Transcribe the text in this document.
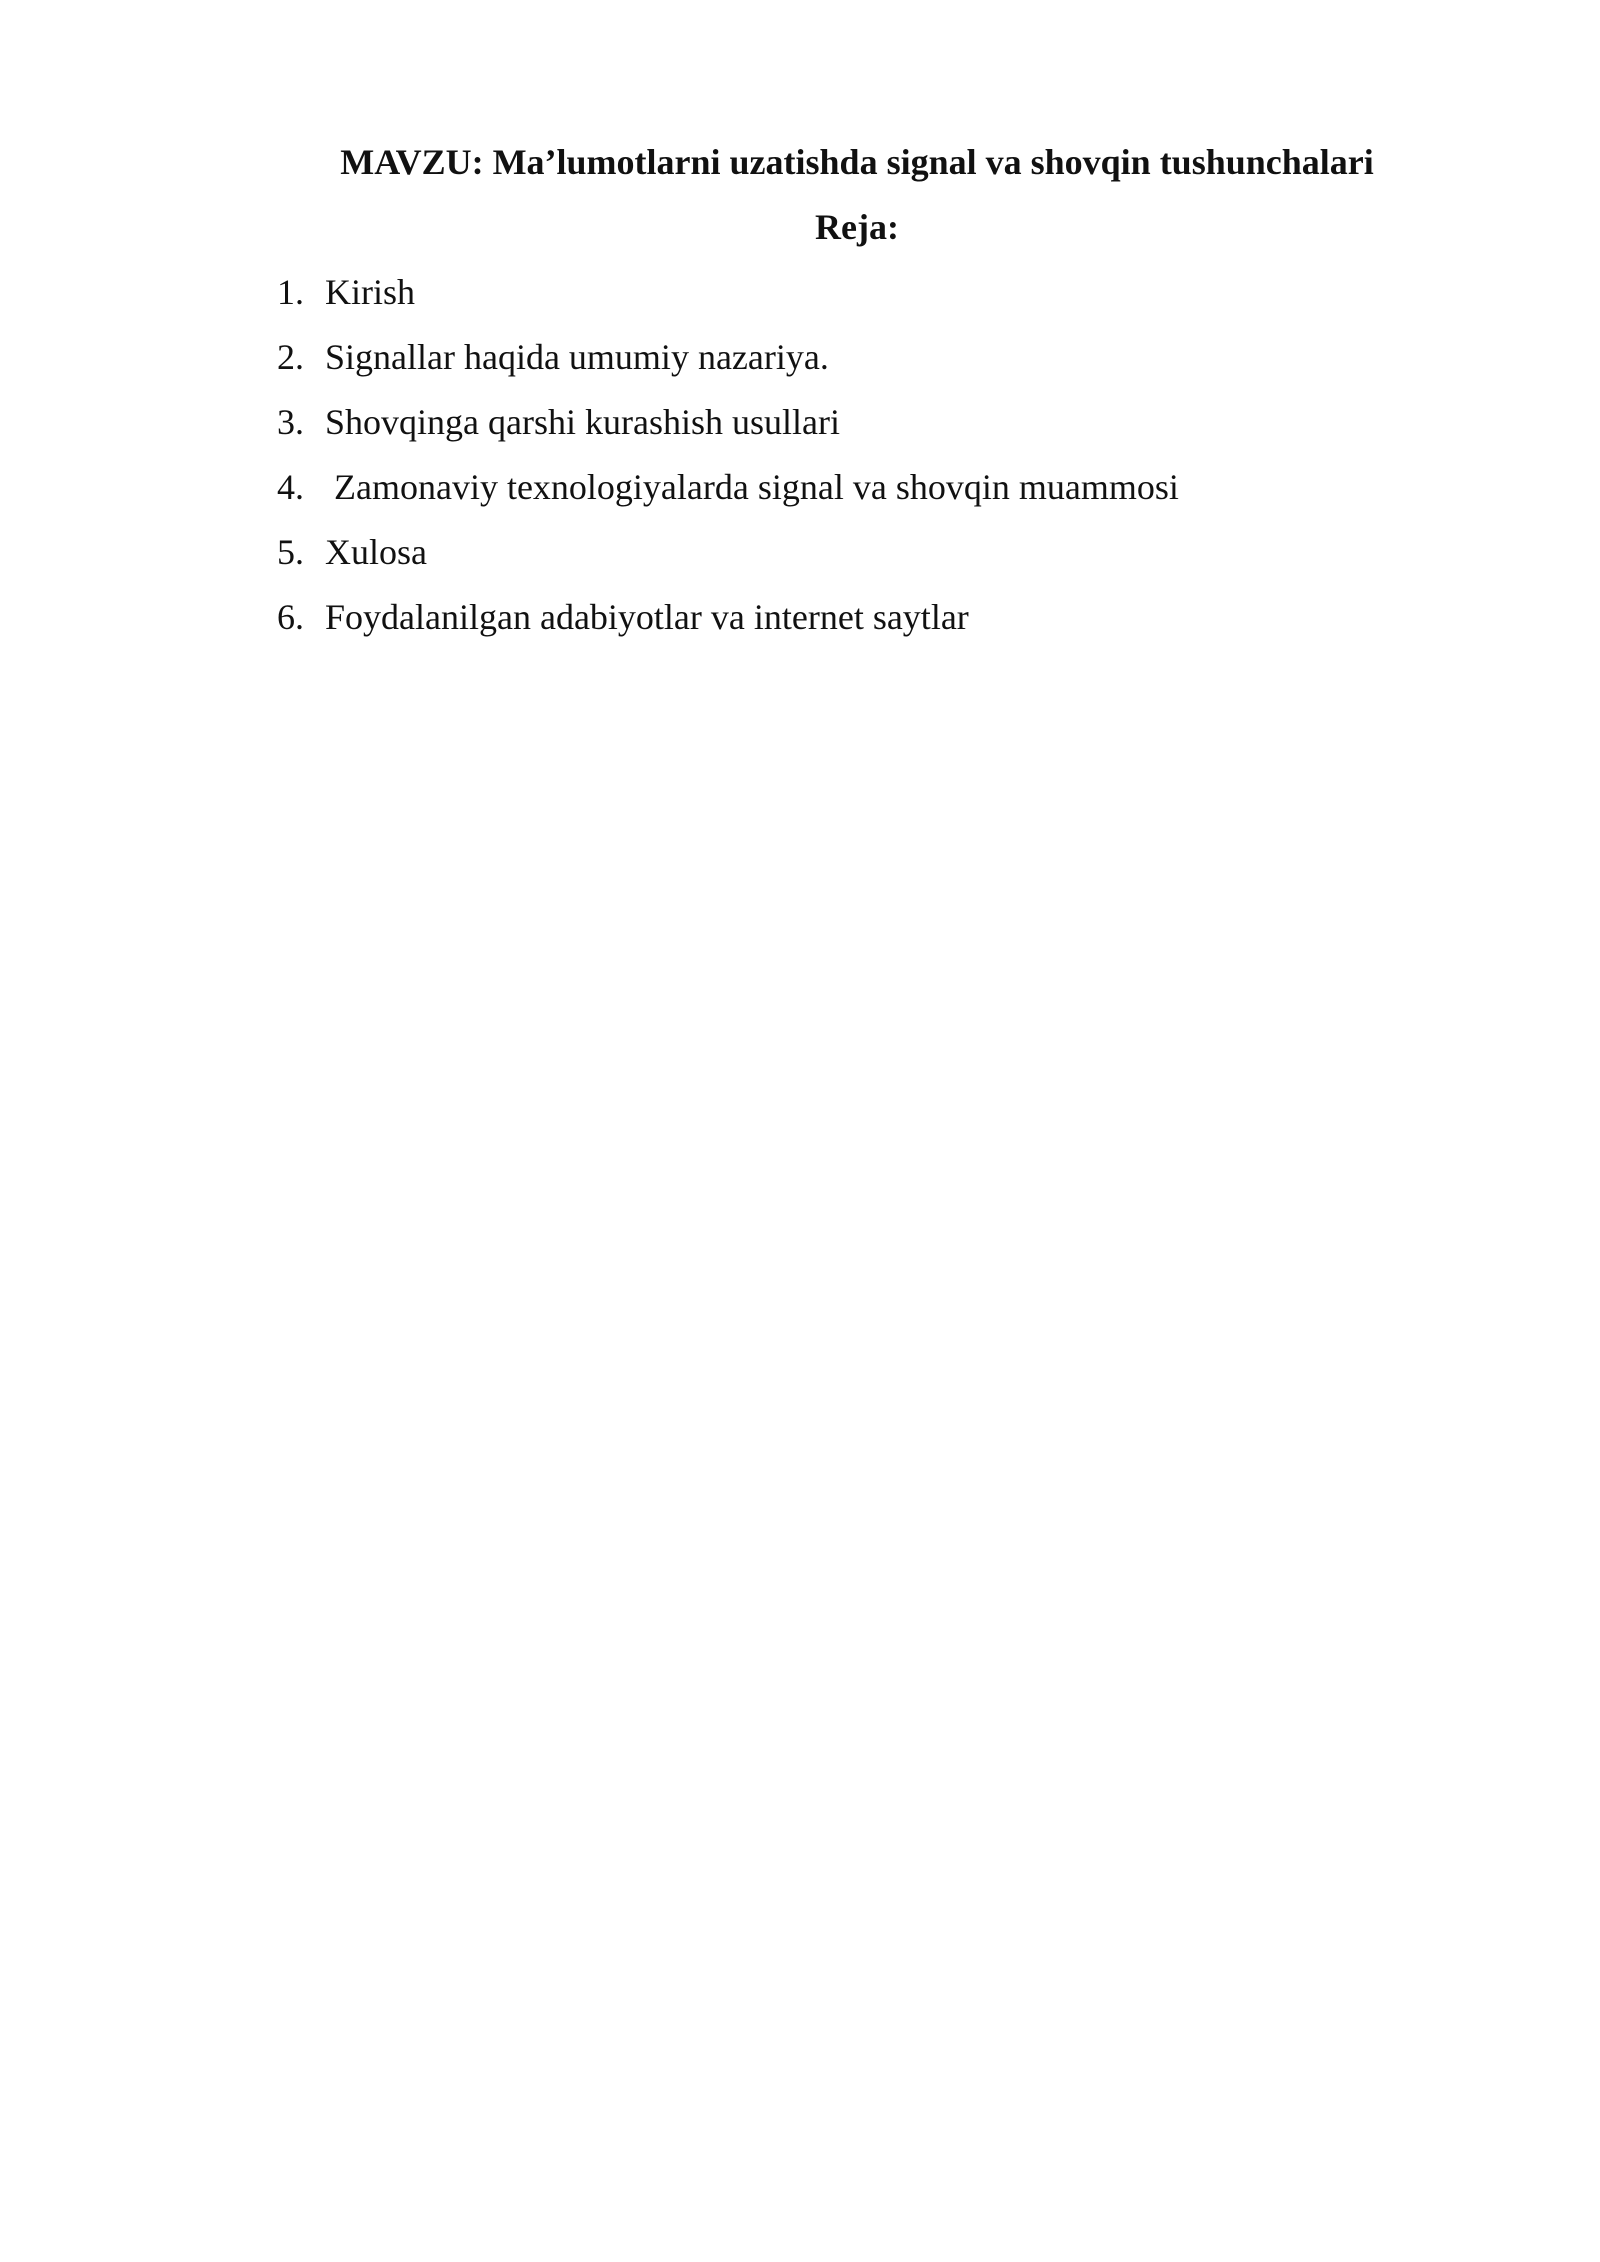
MAVZU: Ma’lumotlarni uzatishda signal va shovqin tushunchalari
Reja:
1. Kirish
2. Signallar haqida umumiy nazariya.
3. Shovqinga qarshi kurashish usullari
4. Zamonaviy texnologiyalarda signal va shovqin muammosi
5. Xulosa
6. Foydalanilgan adabiyotlar va internet saytlar
